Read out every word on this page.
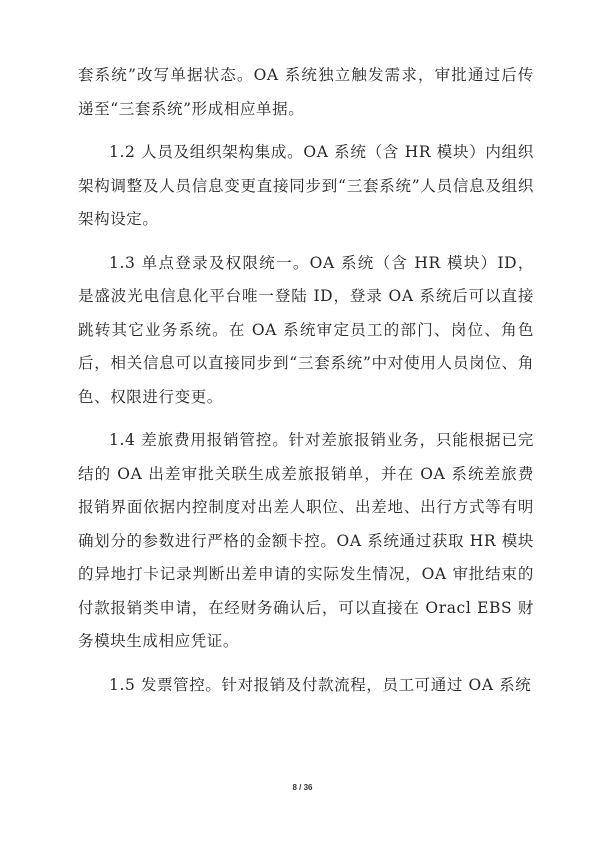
套系统”改写单据状态。OA 系统独立触发需求，审批通过后传递至“三套系统”形成相应单据。

1.2 人员及组织架构集成。OA 系统（含 HR 模块）内组织架构调整及人员信息变更直接同步到“三套系统”人员信息及组织架构设定。

1.3 单点登录及权限统一。OA 系统（含 HR 模块）ID，是盛波光电信息化平台唯一登陆 ID，登录 OA 系统后可以直接跳转其它业务系统。在 OA 系统审定员工的部门、岗位、角色后，相关信息可以直接同步到“三套系统”中对使用人员岗位、角色、权限进行变更。

1.4 差旅费用报销管控。针对差旅报销业务，只能根据已完结的 OA 出差审批关联生成差旅报销单，并在 OA 系统差旅费报销界面依据内控制度对出差人职位、出差地、出行方式等有明确划分的参数进行严格的金额卡控。OA 系统通过获取 HR 模块的异地打卡记录判断出差申请的实际发生情况，OA 审批结束的付款报销类申请，在经财务确认后，可以直接在 Oracl EBS 财务模块生成相应凭证。

1.5 发票管控。针对报销及付款流程，员工可通过 OA 系统

8 / 36
